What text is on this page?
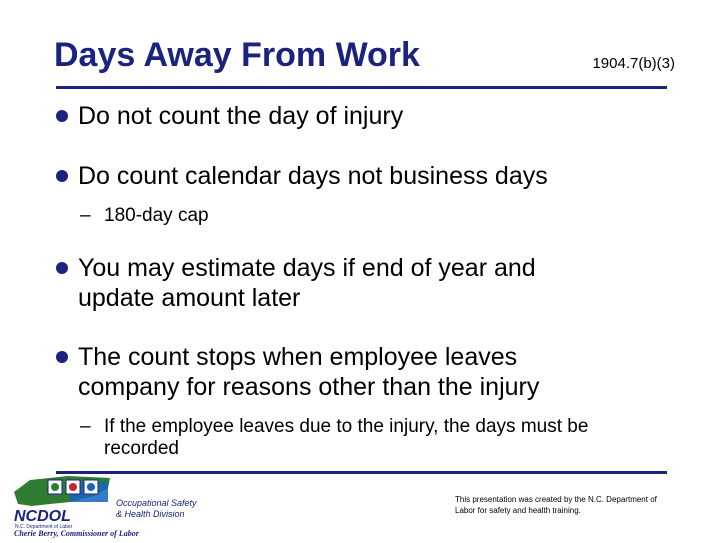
Days Away From Work	1904.7(b)(3)
Do not count the day of injury
Do count calendar days not business days
– 180-day cap
You may estimate days if end of year and update amount later
The count stops when employee leaves company for reasons other than the injury
– If the employee leaves due to the injury, the days must be recorded
NCDOL
N.C. Department of Labor
Occupational Safety
& Health Division
Cherie Berry, Commissioner of Labor
This presentation was created by the N.C. Department of Labor for safety and health training.
